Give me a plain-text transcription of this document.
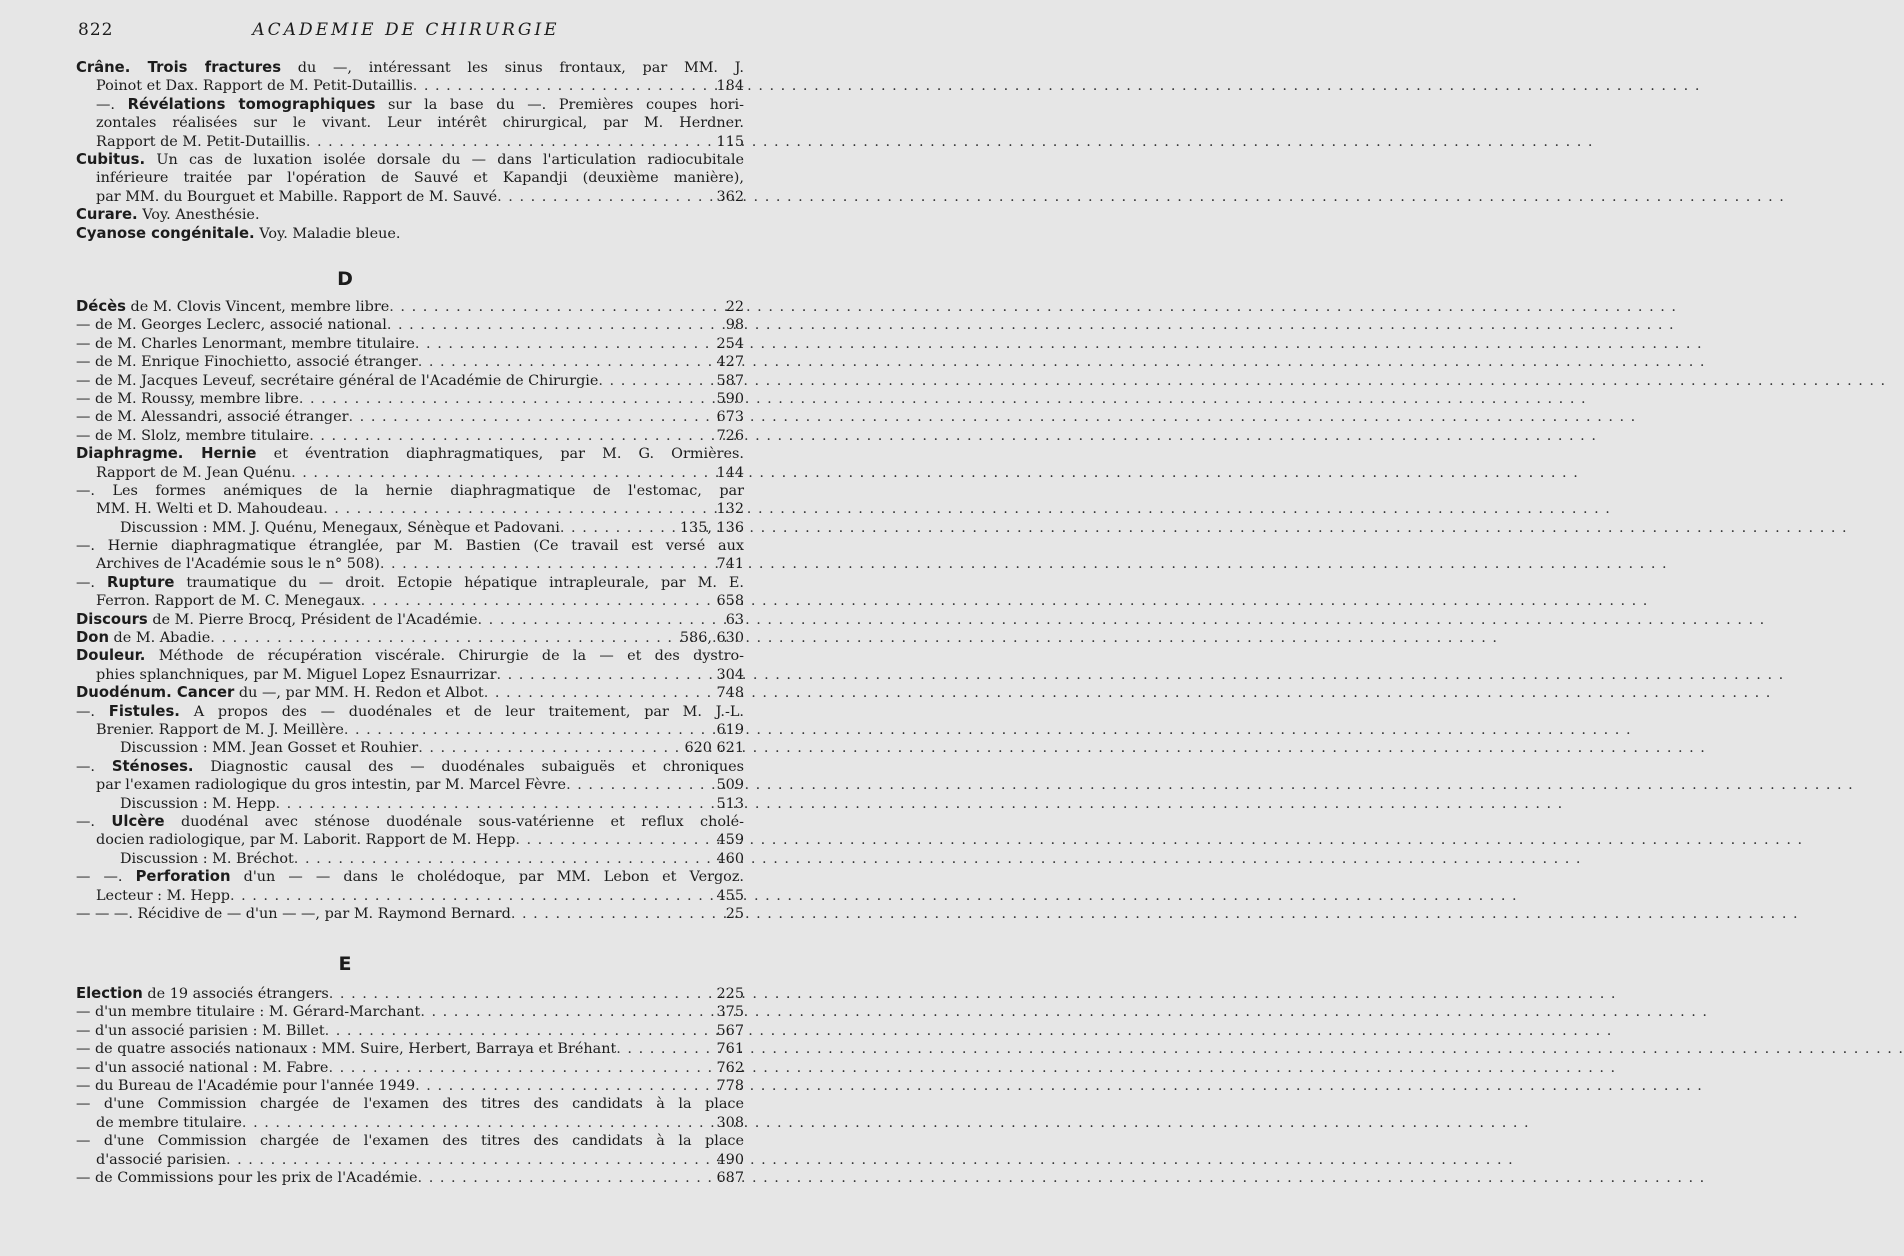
822	ACADEMIE DE CHIRURGIE
Crâne. Trois fractures du —, intéressant les sinus frontaux, par MM. J.
Poinot et Dax. Rapport de M. Petit-Dutaillis . . .	184
—. Révélations tomographiques sur la base du —. Premières coupes hori-
zontales réalisées sur le vivant. Leur intérêt chirurgical, par M. Herdner.
Rapport de M. Petit-Dutaillis . . .	115
Cubitus. Un cas de luxation isolée dorsale du — dans l'articulation radiocubitale
inférieure traitée par l'opération de Sauvé et Kapandji (deuxième manière),
par MM. du Bourguet et Mabille. Rapport de M. Sauvé . . .	362
Curare. Voy. Anesthésie.
Cyanose congénitale. Voy. Maladie bleue.
D
Décès de M. Clovis Vincent, membre libre . . .	22
— de M. Georges Leclerc, associé national . . .	98
— de M. Charles Lenormant, membre titulaire . . .	254
— de M. Enrique Finochietto, associé étranger . . .	427
— de M. Jacques Leveuf, secrétaire général de l'Académie de Chirurgie . . .	587
— de M. Roussy, membre libre . . .	590
— de M. Alessandri, associé étranger . . .	673
— de M. Slolz, membre titulaire . . .	726
Diaphragme. Hernie et éventration diaphragmatiques, par M. G. Ormières.
Rapport de M. Jean Quénu . . .	144
—. Les formes anémiques de la hernie diaphragmatique de l'estomac, par
MM. H. Welti et D. Mahoudeau . . .	132
Discussion : MM. J. Quénu, Menegaux, Sénèque et Padovani . . .	135, 136
—. Hernie diaphragmatique étranglée, par M. Bastien (Ce travail est versé aux
Archives de l'Académie sous le n° 508) . . .	741
—. Rupture traumatique du — droit. Ectopie hépatique intrapleurale, par M. E.
Ferron. Rapport de M. C. Menegaux . . .	658
Discours de M. Pierre Brocq, Président de l'Académie . . .	63
Don de M. Abadie . . .	586, 630
Douleur. Méthode de récupération viscérale. Chirurgie de la — et des dystro-
phies splanchniques, par M. Miguel Lopez Esnaurrizar . . .	304
Duodénum. Cancer du —, par MM. H. Redon et Albot . . .	748
—. Fistules. A propos des — duodénales et de leur traitement, par M. J.-L.
Brenier. Rapport de M. J. Meillère . . .	619
Discussion : MM. Jean Gosset et Rouhier . . .	620 621
—. Sténoses. Diagnostic causal des — duodénales subaiguës et chroniques
par l'examen radiologique du gros intestin, par M. Marcel Fèvre . . .	509
Discussion : M. Hepp . . .	513
—. Ulcère duodénal avec sténose duodénale sous-vatérienne et reflux cholé-
docien radiologique, par M. Laborit. Rapport de M. Hepp . . .	459
Discussion : M. Bréchot . . .	460
— —. Perforation d'un — — dans le cholédoque, par MM. Lebon et Vergoz.
Lecteur : M. Hepp . . .	455
— — —. Récidive de — d'un — —, par M. Raymond Bernard . . .	25
E
Election de 19 associés étrangers . . .	225
— d'un membre titulaire : M. Gérard-Marchant . . .	375
— d'un associé parisien : M. Billet . . .	567
— de quatre associés nationaux : MM. Suire, Herbert, Barraya et Bréhant . . .	761
— d'un associé national : M. Fabre . . .	762
— du Bureau de l'Académie pour l'année 1949 . . .	778
— d'une Commission chargée de l'examen des titres des candidats à la place
de membre titulaire . . .	308
— d'une Commission chargée de l'examen des titres des candidats à la place
d'associé parisien . . .	490
— de Commissions pour les prix de l'Académie . . .	687
